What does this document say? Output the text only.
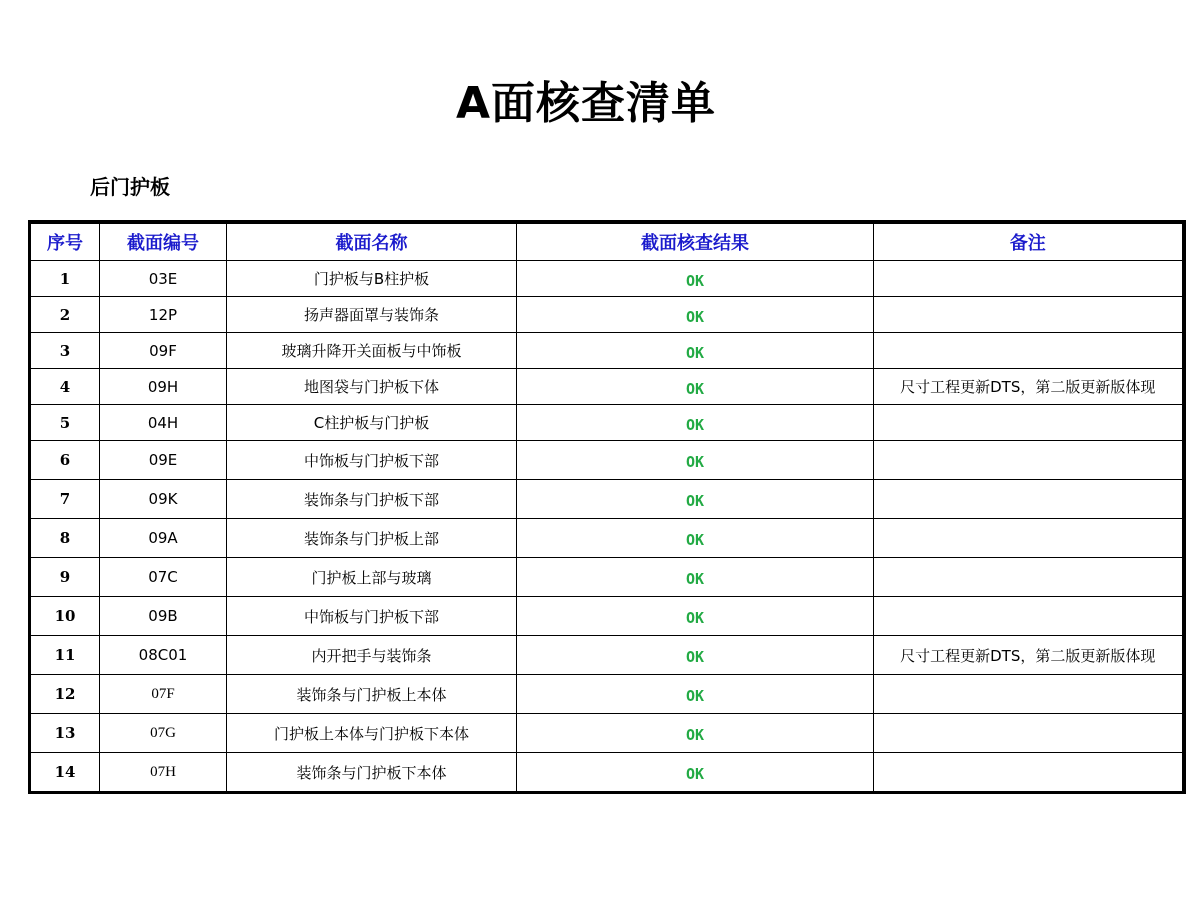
A面核查清单
后门护板
序号	截面编号	截面名称	截面核查结果	备注
1	03E	门护板与B柱护板	OK	
2	12P	扬声器面罩与装饰条	OK	
3	09F	玻璃升降开关面板与中饰板	OK	
4	09H	地图袋与门护板下体	OK	尺寸工程更新DTS，第二版更新版体现
5	04H	C柱护板与门护板	OK	
6	09E	中饰板与门护板下部	OK	
7	09K	装饰条与门护板下部	OK	
8	09A	装饰条与门护板上部	OK	
9	07C	门护板上部与玻璃	OK	
10	09B	中饰板与门护板下部	OK	
11	08C01	内开把手与装饰条	OK	尺寸工程更新DTS，第二版更新版体现
12	07F	装饰条与门护板上本体	OK	
13	07G	门护板上本体与门护板下本体	OK	
14	07H	装饰条与门护板下本体	OK	
